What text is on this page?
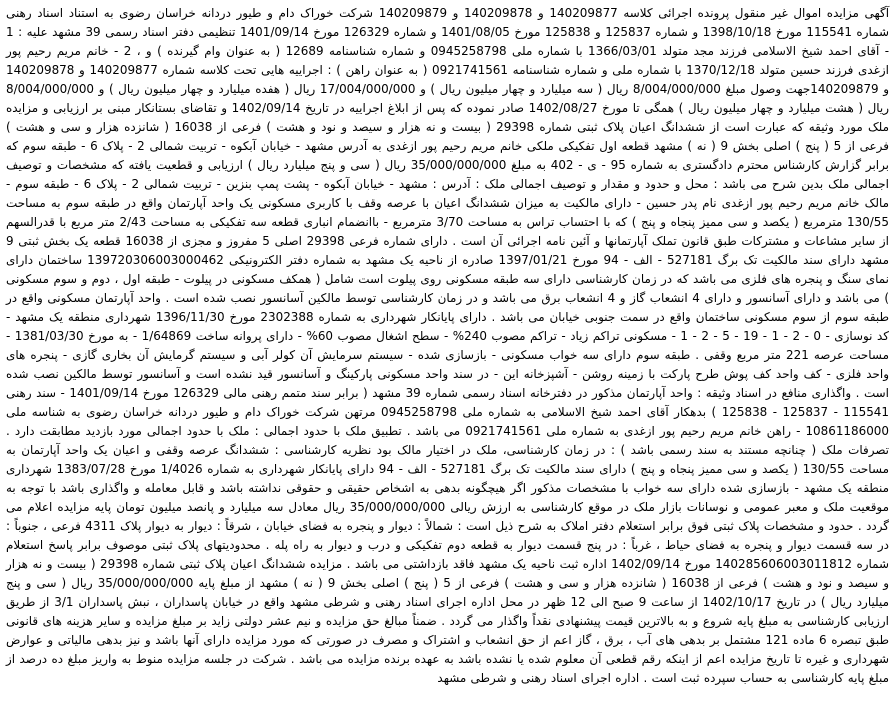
آگهی مزایده اموال غیر منقول پرونده اجرائی کلاسه 140209877 و 140209878 و 140209879 شرکت خوراک دام و طیور دردانه خراسان رضوی به استناد اسناد رهنی شماره 115541 مورخ 1398/10/18 و شماره 125837 و 125838 مورخ 1401/08/05 و شماره 126329 مورخ 1401/09/14 تنظیمی دفتر اسناد رسمی 39 مشهد علیه : 1 - آقای احمد شیخ الاسلامی فرزند مجد متولد 1366/03/01 با شماره ملی 0945258798 و شماره شناسنامه 12689 ( به عنوان وام گیرنده ) و ، 2 - خانم مریم رحیم پور ازغدی فرزند حسین متولد 1370/12/18 با شماره ملی و شماره شناسنامه 0921741561 ( به عنوان راهن ) : اجراییه هایی تحت کلاسه شماره 140209877 و 140209878 و 140209879جهت وصول مبلغ 8/004/000/000 ریال ( سه میلیارد و چهار میلیون ریال ) و 17/004/000/000 ریال ( هفده میلیارد و چهار میلیون ریال ) و 8/004/000/000 ریال ( هشت میلیارد و چهار میلیون ریال ) همگی تا مورخ 1402/08/27 صادر نموده که پس از ابلاغ اجراییه در تاریخ 1402/09/14 و تقاضای بستانکار مبنی بر ارزیابی و مزایده ملک مورد وثیقه که عبارت است از ششدانگ اعیان پلاک ثبتی شماره 29398 ( بیست و نه هزار و سیصد و نود و هشت ) فرعی از 16038 ( شانزده هزار و سی و هشت ) فرعی از 5 ( پنج ) اصلی بخش 9 ( نه ) مشهد قطعه اول تفکیکی ملکی خانم مریم رحیم پور ازغدی به آدرس مشهد - خیابان آبکوه - تربیت شمالی 2 - پلاک 6 - طبقه سوم که برابر گزارش کارشناس محترم دادگستری به شماره 95 - ی - 402 به مبلغ 35/000/000/000 ریال ( سی و پنج میلیارد ریال ) ارزیابی و قطعیت یافته که مشخصات و توصیف اجمالی ملک بدین شرح می باشد : محل و حدود و مقدار و توصیف اجمالی ملک : آدرس : مشهد - خیابان آبکوه - پشت پمپ بنزین - تربیت شمالی 2 - پلاک 6 - طبقه سوم - مالک خانم مریم رحیم پور ازغدی نام پدر حسین - دارای مالکیت به میزان ششدانگ اعیان با عرصه وقف با کاربری مسکونی یک واحد آپارتمان واقع در طبقه سوم به مساحت 130/55 مترمربع ( یکصد و سی ممیز پنجاه و پنج ) که با احتساب تراس به مساحت 3/70 مترمربع - باانضمام انباری قطعه سه تفکیکی به مساحت 2/43 متر مربع با قدرالسهم از سایر مشاعات و مشترکات طبق قانون تملک آپارتمانها و آئین نامه اجرائی آن است . دارای شماره فرعی 29398 اصلی 5 مفروز و مجزی از 16038 قطعه یک بخش ثبتی 9 مشهد دارای سند مالکیت تک برگ 527181 - الف - 94 مورخ 1397/01/21 صادره از ناحیه یک مشهد به شماره دفتر الکترونیکی 139720306003000462 ساختمان دارای نمای سنگ و پنجره های فلزی می باشد که در زمان کارشناسی دارای سه طبقه مسکونی روی پیلوت است شامل ( همکف مسکونی در پیلوت - طبقه اول ، دوم و سوم مسکونی ) می باشد و دارای آسانسور و دارای 4 انشعاب گاز و 4 انشعاب برق می باشد و در زمان کارشناسی توسط مالکین آسانسور نصب شده است . واحد آپارتمان مسکونی واقع در طبقه سوم از سوم مسکونی ساختمان واقع در سمت جنوبی خیابان می باشد . دارای پایانکار شهرداری به شماره 2302388 مورخ 1396/11/30 شهرداری منطقه یک مشهد - کد نوسازی - 0 - 2 - 1 - 19 - 5 - 2 - 1 - مسکونی تراکم زیاد - تراکم مصوب 240% - سطح اشغال مصوب 60% - دارای پروانه ساخت 1/64869 - به مورخ 1381/03/30 - مساحت عرصه 221 متر مربع وقفی . طبقه سوم دارای سه خواب مسکونی - بازسازی شده - سیستم سرمایش آن کولر آبی و سیستم گرمایش آن بخاری گازی - پنجره های واحد فلزی - کف واحد کف پوش طرح پارکت با زمینه روشن - آشپزخانه این - در سند واحد مسکونی پارکینگ و آسانسور قید نشده است و آسانسور توسط مالکین نصب شده است . واگذاری منافع در اسناد وثیقه : واحد آپارتمان مذکور در دفترخانه اسناد رسمی شماره 39 مشهد ( برابر سند متمم رهنی مالی 126329 مورخ 1401/09/14 - سند رهنی 115541 - 125837 - 125838 ) بدهکار آقای احمد شیخ الاسلامی به شماره ملی 0945258798 مرتهن شرکت خوراک دام و طیور دردانه خراسان رضوی به شناسه ملی 10861186000 - راهن خانم مریم رحیم پور ازغدی به شماره ملی 0921741561 می باشد . تطبیق ملک با حدود اجمالی : ملک با حدود اجمالی مورد بازدید مطابقت دارد . تصرفات ملک ( چنانچه مستند به سند رسمی باشد ) : در زمان کارشناسی، ملک در اختیار مالک بود نظریه کارشناسی : ششدانگ عرصه وقفی و اعیان یک واحد آپارتمان به مساحت 130/55 ( یکصد و سی ممیز پنجاه و پنج ) دارای سند مالکیت تک برگ 527181 - الف - 94 دارای پایانکار شهرداری به شماره 1/4026 مورخ 1383/07/28 شهرداری منطقه یک مشهد - بازسازی شده دارای سه خواب با مشخصات مذکور اگر هیچگونه بدهی به اشخاص حقیقی و حقوقی نداشته باشد و قابل معامله و واگذاری باشد با توجه به موقعیت ملک و معبر عمومی و نوسانات بازار ملک در موقع کارشناسی به ارزش ریالی 35/000/000/000 ریال معادل سه میلیارد و پانصد میلیون تومان پایه مزایده اعلام می گردد . حدود و مشخصات پلاک ثبتی فوق برابر استعلام دفتر املاک به شرح ذیل است : شمالاً : دیوار و پنجره به فضای خیابان ، شرقاً : دیوار به دیوار پلاک 4311 فرعی ، جنوباً : در سه قسمت دیوار و پنجره به فضای حیاط ، غرباً : در پنج قسمت دیوار به قطعه دوم تفکیکی و درب و دیوار به راه پله . محدودیتهای پلاک ثبتی موصوف برابر پاسخ استعلام شماره 140285606003011812 مورخ 1402/09/14 اداره ثبت ناحیه یک مشهد فاقد بازداشتی می باشد . مزایده ششدانگ اعیان پلاک ثبتی شماره 29398 ( بیست و نه هزار و سیصد و نود و هشت ) فرعی از 16038 ( شانزده هزار و سی و هشت ) فرعی از 5 ( پنج ) اصلی بخش 9 ( نه ) مشهد از مبلغ پایه 35/000/000/000 ریال ( سی و پنج میلیارد ریال ) در تاریخ 1402/10/17 از ساعت 9 صبح الی 12 ظهر در محل اداره اجرای اسناد رهنی و شرطی مشهد واقع در خیابان پاسداران ، نبش پاسداران 3/1 از طریق ارزیابی کارشناسی به مبلغ پایه شروع و به بالاترین قیمت پیشنهادی نقداً واگذار می گردد . ضمناً مبالغ حق مزایده و نیم عشر دولتی زاید بر مبلغ مزایده و سایر هزینه های قانونی طبق تبصره 6 ماده 121 مشتمل بر بدهی های آب ، برق ، گاز اعم از حق انشعاب و اشتراک و مصرف در صورتی که مورد مزایده دارای آنها باشد و نیز بدهی مالیاتی و عوارض شهرداری و غیره تا تاریخ مزایده اعم از اینکه رقم قطعی آن معلوم شده یا نشده باشد به عهده برنده مزایده می باشد . شرکت در جلسه مزایده منوط به واریز مبلغ ده درصد از مبلغ پایه کارشناسی به حساب سپرده ثبت است . اداره اجرای اسناد رهنی و شرطی مشهد
